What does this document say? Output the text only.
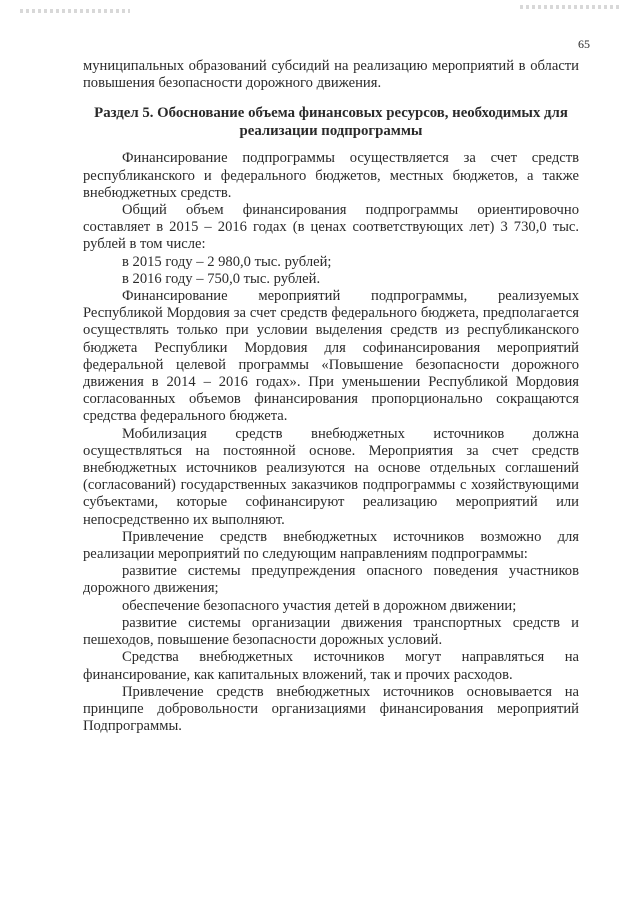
65

муниципальных образований субсидий на реализацию мероприятий в области повышения безопасности дорожного движения.

Раздел 5. Обоснование объема финансовых ресурсов, необходимых для реализации подпрограммы

Финансирование подпрограммы осуществляется за счет средств республиканского и федерального бюджетов, местных бюджетов, а также внебюджетных средств.

Общий объем финансирования подпрограммы ориентировочно составляет в 2015 – 2016 годах (в ценах соответствующих лет) 3 730,0 тыс. рублей в том числе:

в 2015 году – 2 980,0 тыс. рублей;

в 2016 году – 750,0 тыс. рублей.

Финансирование мероприятий подпрограммы, реализуемых Республикой Мордовия за счет средств федерального бюджета, предполагается осуществлять только при условии выделения средств из республиканского бюджета Республики Мордовия для софинансирования мероприятий федеральной целевой программы «Повышение безопасности дорожного движения в 2014 – 2016 годах». При уменьшении Республикой Мордовия согласованных объемов финансирования пропорционально сокращаются средства федерального бюджета.

Мобилизация средств внебюджетных источников должна осуществляться на постоянной основе. Мероприятия за счет средств внебюджетных источников реализуются на основе отдельных соглашений (согласований) государственных заказчиков подпрограммы с хозяйствующими субъектами, которые софинансируют реализацию мероприятий или непосредственно их выполняют.

Привлечение средств внебюджетных источников возможно для реализации мероприятий по следующим направлениям подпрограммы:

развитие системы предупреждения опасного поведения участников дорожного движения;

обеспечение безопасного участия детей в дорожном движении;

развитие системы организации движения транспортных средств и пешеходов, повышение безопасности дорожных условий.

Средства внебюджетных источников могут направляться на финансирование, как капитальных вложений, так и прочих расходов.

Привлечение средств внебюджетных источников основывается на принципе добровольности организациями финансирования мероприятий Подпрограммы.
